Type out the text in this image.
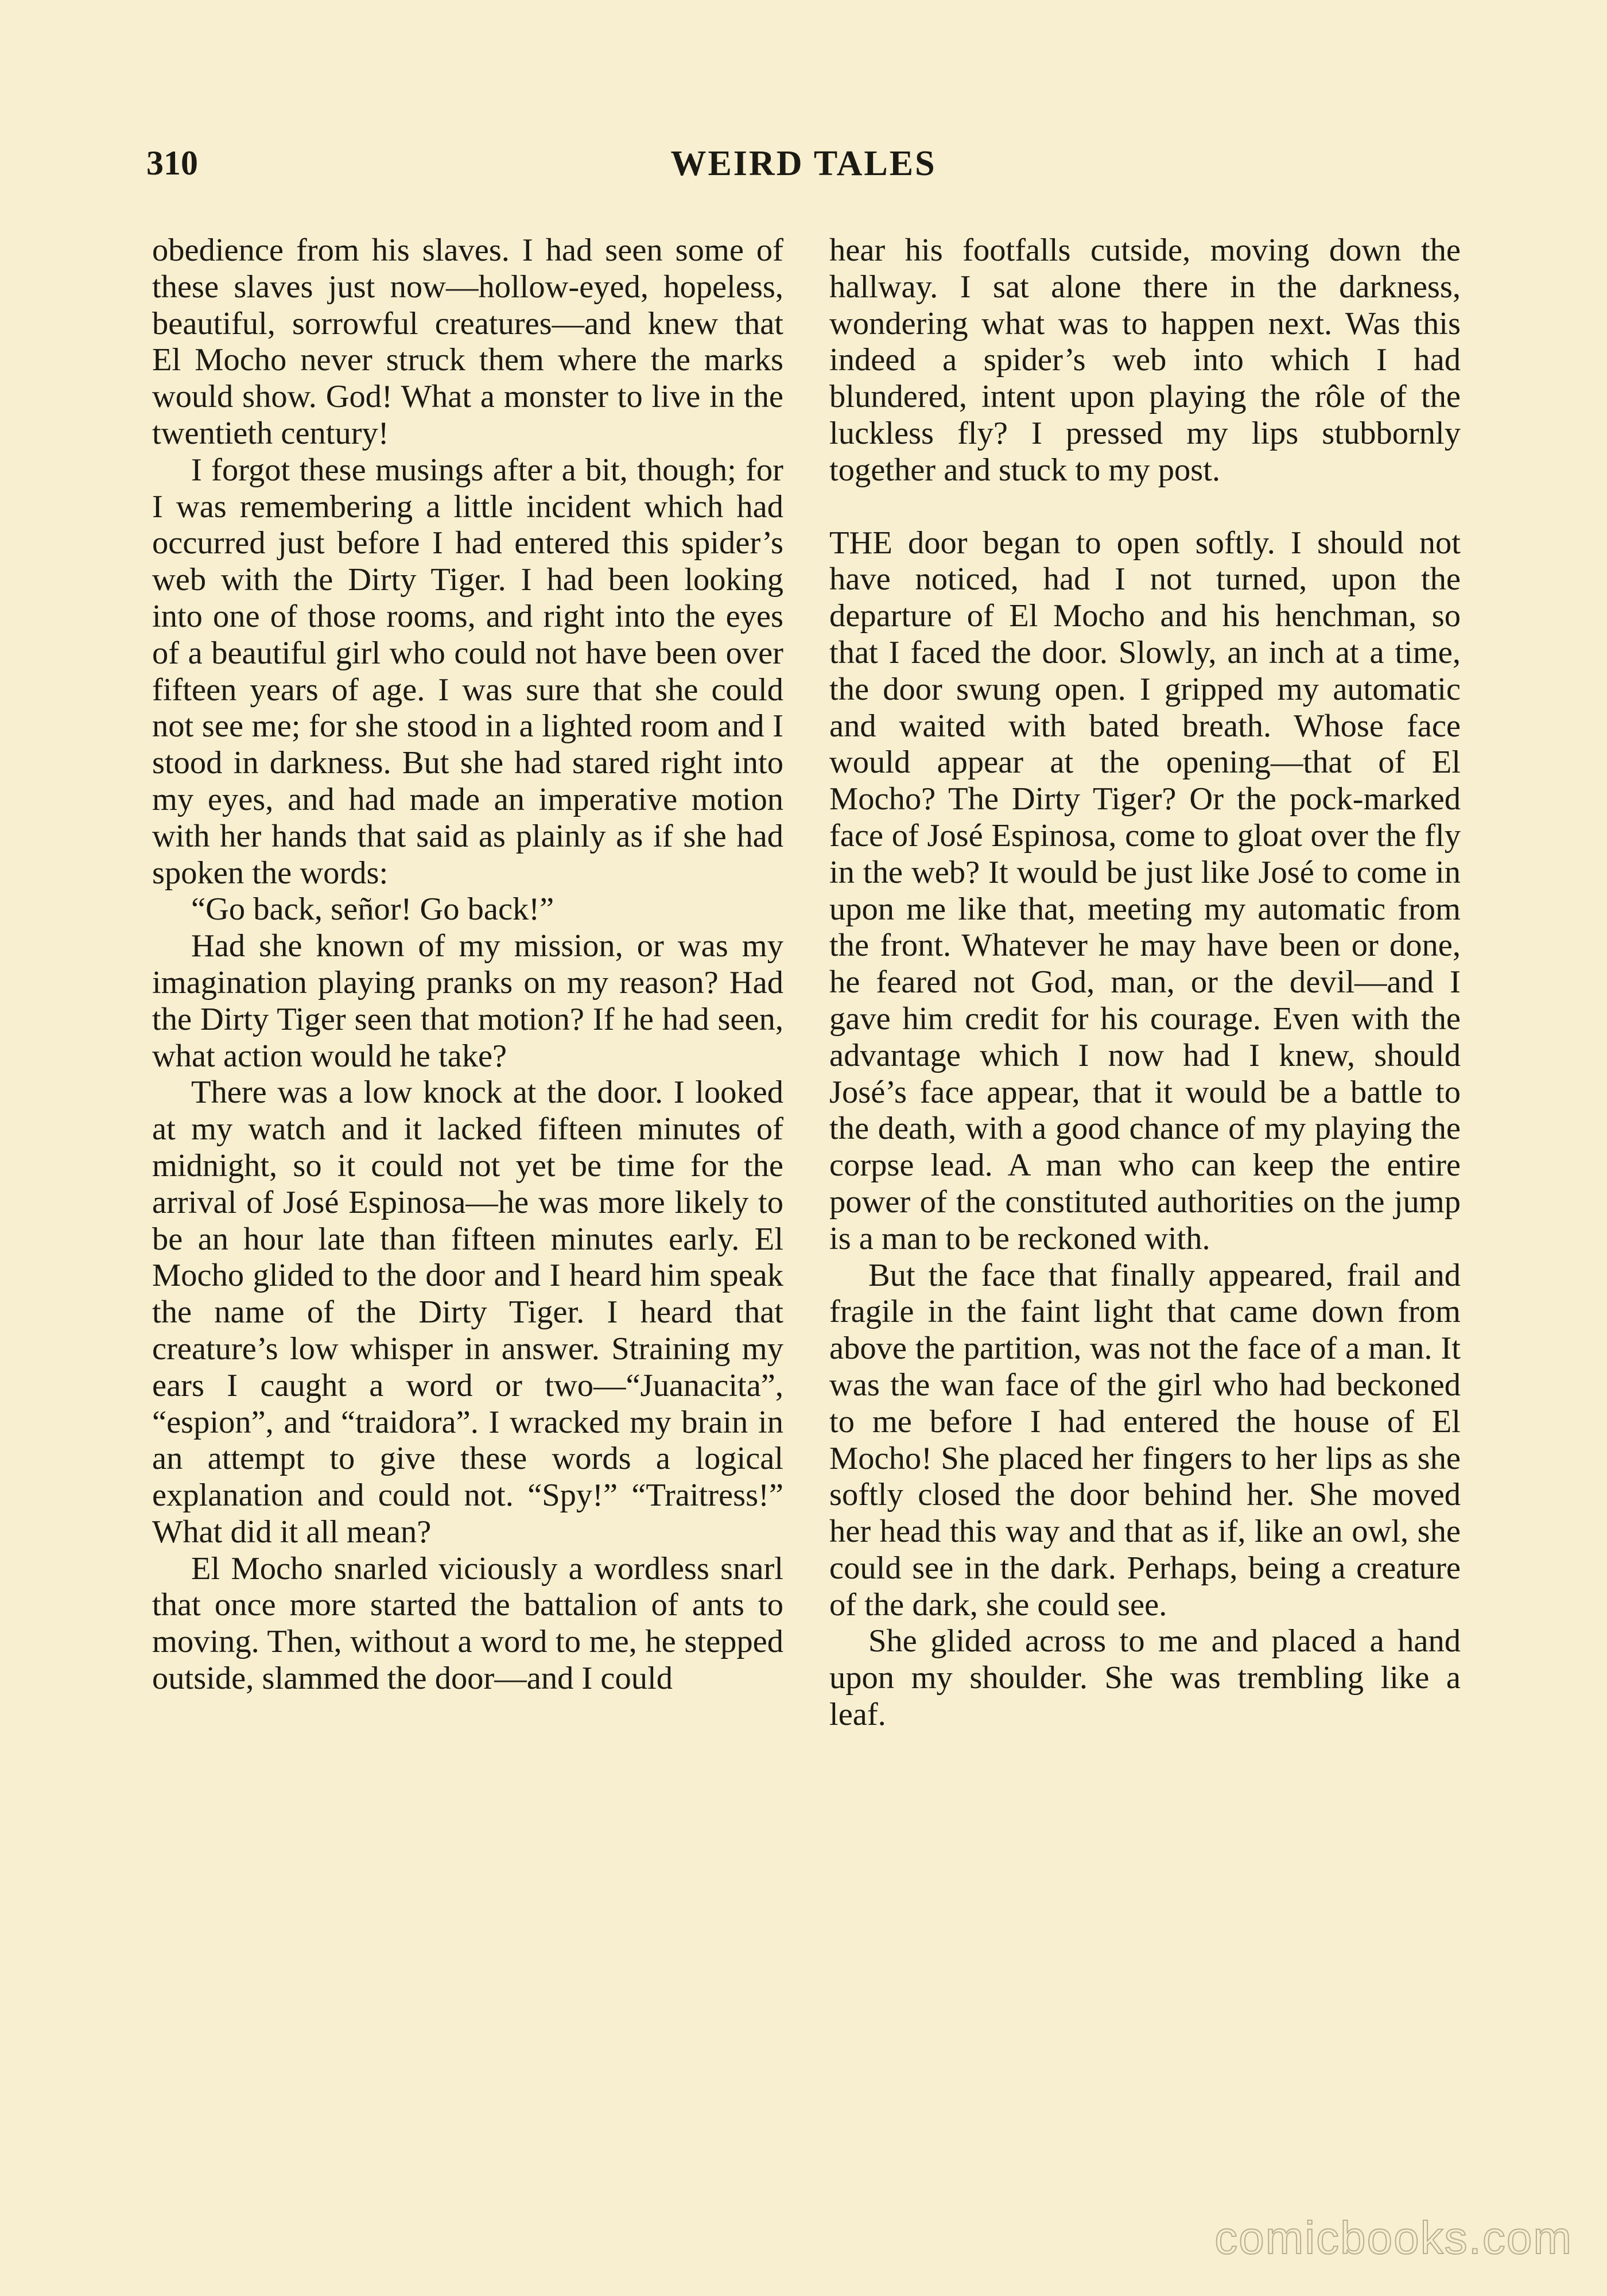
310	WEIRD TALES

obedience from his slaves. I had seen some of these slaves just now—hollow-eyed, hopeless, beautiful, sorrowful creatures—and knew that El Mocho never struck them where the marks would show. God! What a monster to live in the twentieth century!

I forgot these musings after a bit, though; for I was remembering a little incident which had occurred just before I had entered this spider’s web with the Dirty Tiger. I had been looking into one of those rooms, and right into the eyes of a beautiful girl who could not have been over fifteen years of age. I was sure that she could not see me; for she stood in a lighted room and I stood in darkness. But she had stared right into my eyes, and had made an imperative motion with her hands that said as plainly as if she had spoken the words:

“Go back, señor! Go back!”

Had she known of my mission, or was my imagination playing pranks on my reason? Had the Dirty Tiger seen that motion? If he had seen, what action would he take?

There was a low knock at the door. I looked at my watch and it lacked fifteen minutes of midnight, so it could not yet be time for the arrival of José Espinosa—he was more likely to be an hour late than fifteen minutes early. El Mocho glided to the door and I heard him speak the name of the Dirty Tiger. I heard that creature’s low whisper in answer. Straining my ears I caught a word or two—“Juanacita”, “espion”, and “traidora”. I wracked my brain in an attempt to give these words a logical explanation and could not. “Spy!” “Traitress!” What did it all mean?

El Mocho snarled viciously a wordless snarl that once more started the battalion of ants to moving. Then, without a word to me, he stepped outside, slammed the door—and I could

hear his footfalls cutside, moving down the hallway. I sat alone there in the darkness, wondering what was to happen next. Was this indeed a spider’s web into which I had blundered, intent upon playing the rôle of the luckless fly? I pressed my lips stubbornly together and stuck to my post.

THE door began to open softly. I should not have noticed, had I not turned, upon the departure of El Mocho and his henchman, so that I faced the door. Slowly, an inch at a time, the door swung open. I gripped my automatic and waited with bated breath. Whose face would appear at the opening—that of El Mocho? The Dirty Tiger? Or the pock-marked face of José Espinosa, come to gloat over the fly in the web? It would be just like José to come in upon me like that, meeting my automatic from the front. Whatever he may have been or done, he feared not God, man, or the devil—and I gave him credit for his courage. Even with the advantage which I now had I knew, should José’s face appear, that it would be a battle to the death, with a good chance of my playing the corpse lead. A man who can keep the entire power of the constituted authorities on the jump is a man to be reckoned with.

But the face that finally appeared, frail and fragile in the faint light that came down from above the partition, was not the face of a man. It was the wan face of the girl who had beckoned to me before I had entered the house of El Mocho! She placed her fingers to her lips as she softly closed the door behind her. She moved her head this way and that as if, like an owl, she could see in the dark. Perhaps, being a creature of the dark, she could see.

She glided across to me and placed a hand upon my shoulder. She was trembling like a leaf.

comicbooks.com
